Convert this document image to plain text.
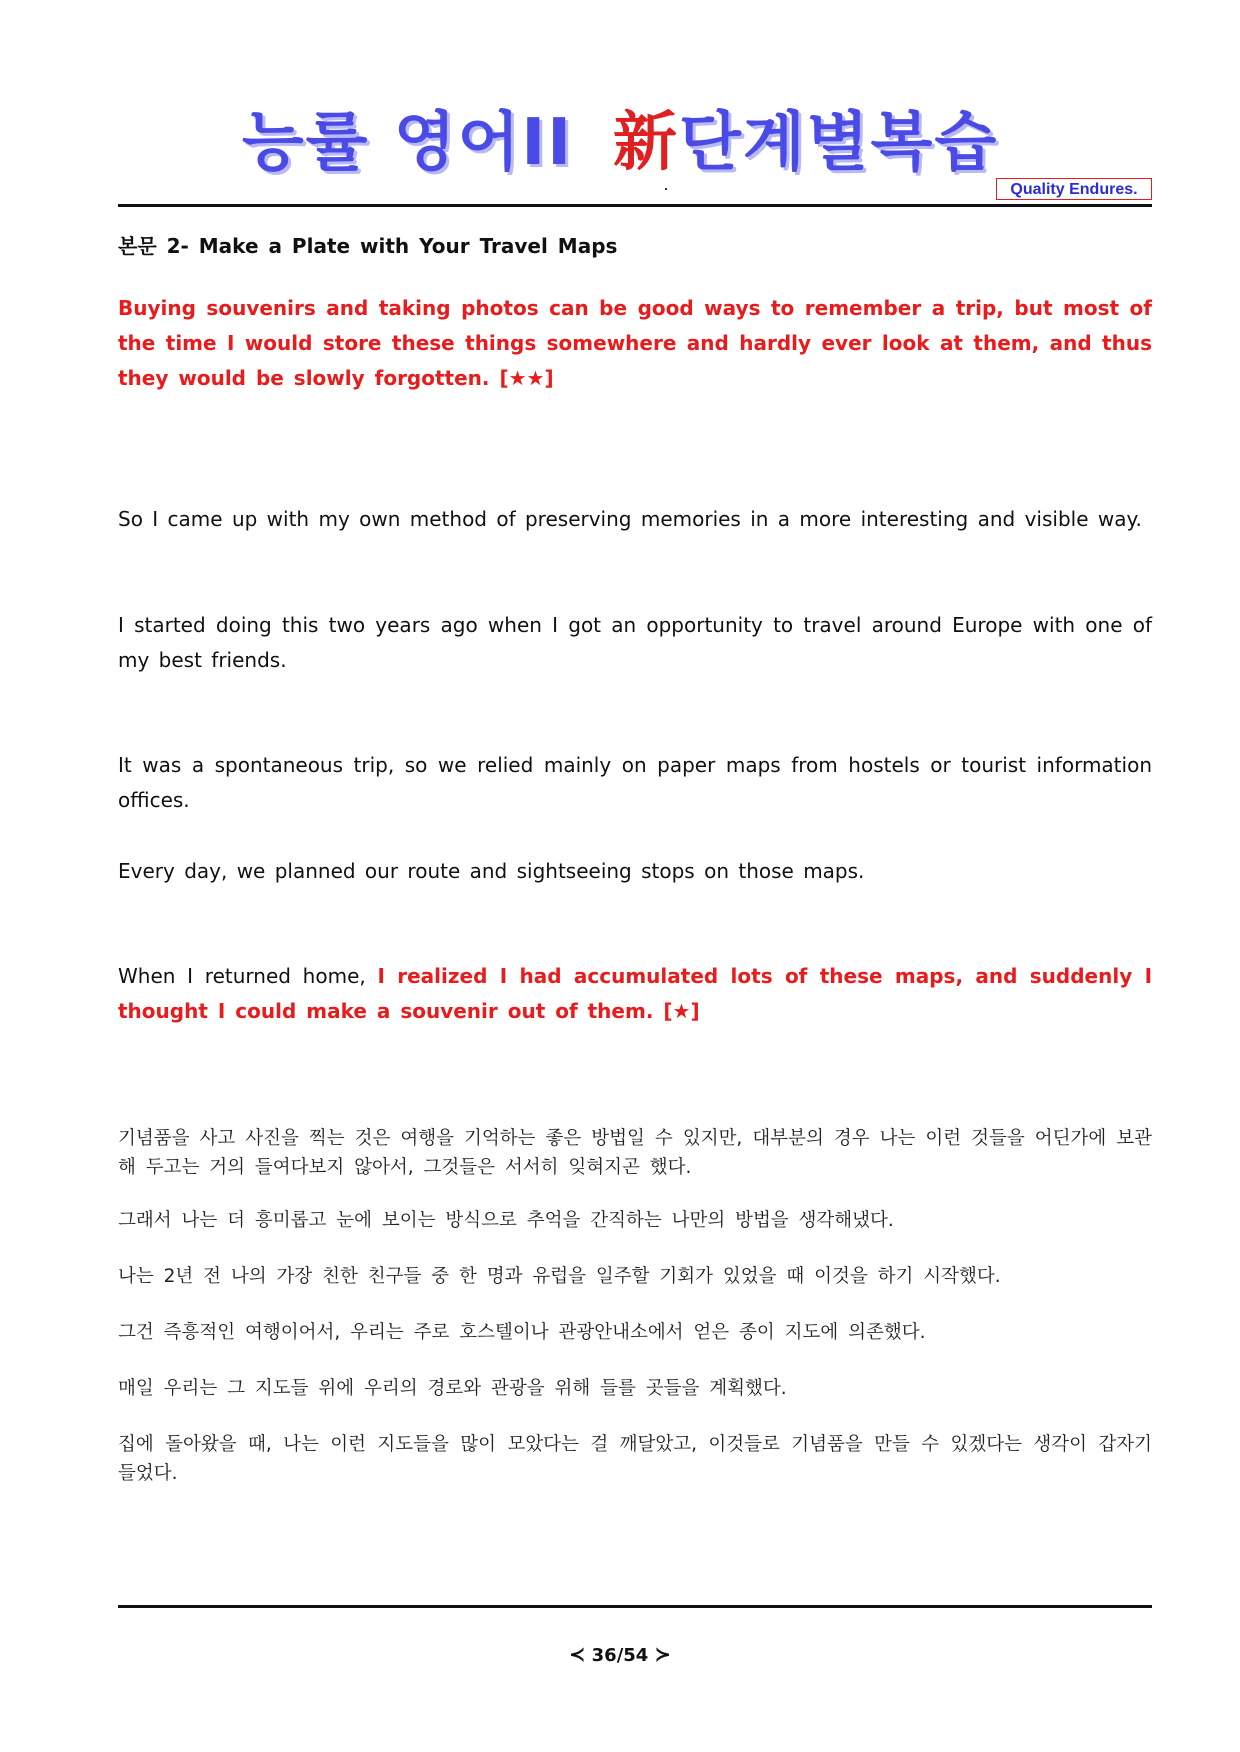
능률 영어II 新단계별복습
Quality Endures.

본문 2- Make a Plate with Your Travel Maps

Buying souvenirs and taking photos can be good ways to remember a trip, but most of the time I would store these things somewhere and hardly ever look at them, and thus they would be slowly forgotten. [★★]

So I came up with my own method of preserving memories in a more interesting and visible way.

I started doing this two years ago when I got an opportunity to travel around Europe with one of my best friends.

It was a spontaneous trip, so we relied mainly on paper maps from hostels or tourist information offices.

Every day, we planned our route and sightseeing stops on those maps.

When I returned home, I realized I had accumulated lots of these maps, and suddenly I thought I could make a souvenir out of them. [★]

기념품을 사고 사진을 찍는 것은 여행을 기억하는 좋은 방법일 수 있지만, 대부분의 경우 나는 이런 것들을 어딘가에 보관해 두고는 거의 들여다보지 않아서, 그것들은 서서히 잊혀지곤 했다.

그래서 나는 더 흥미롭고 눈에 보이는 방식으로 추억을 간직하는 나만의 방법을 생각해냈다.

나는 2년 전 나의 가장 친한 친구들 중 한 명과 유럽을 일주할 기회가 있었을 때 이것을 하기 시작했다.

그건 즉흥적인 여행이어서, 우리는 주로 호스텔이나 관광안내소에서 얻은 종이 지도에 의존했다.

매일 우리는 그 지도들 위에 우리의 경로와 관광을 위해 들를 곳들을 계획했다.

집에 돌아왔을 때, 나는 이런 지도들을 많이 모았다는 걸 깨달았고, 이것들로 기념품을 만들 수 있겠다는 생각이 갑자기 들었다.

≺ 36/54 ≻
